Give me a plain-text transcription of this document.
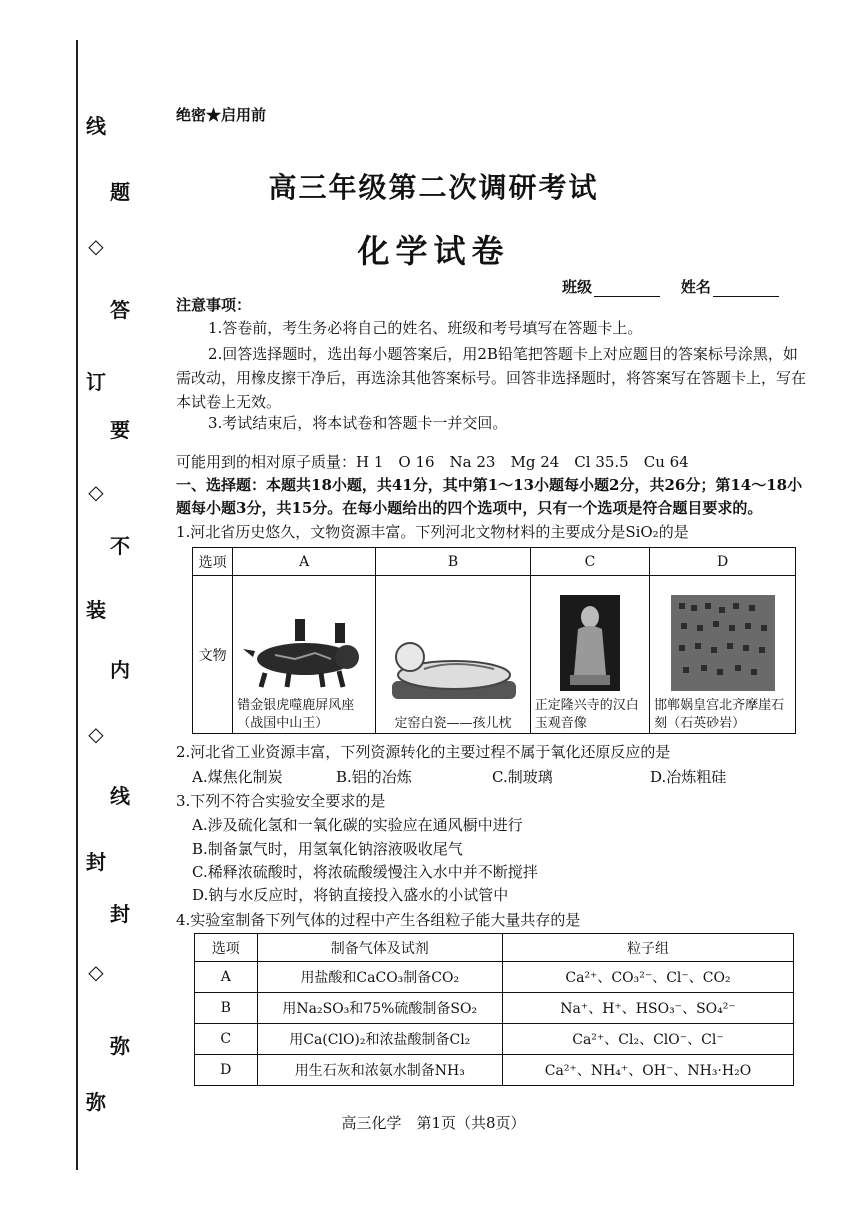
线
题
答
订
要
不
装
内
线
封
封
弥
弥
◇
◇
◇
◇
绝密★启用前
高三年级第二次调研考试
化学试卷
班级	姓名
注意事项：
1.答卷前，考生务必将自己的姓名、班级和考号填写在答题卡上。
2.回答选择题时，选出每小题答案后，用2B铅笔把答题卡上对应题目的答案标号涂黑，如需改动，用橡皮擦干净后，再选涂其他答案标号。回答非选择题时，将答案写在答题卡上，写在本试卷上无效。
3.考试结束后，将本试卷和答题卡一并交回。
可能用到的相对原子质量：H 1　O 16　Na 23　Mg 24　Cl 35.5　Cu 64
一、选择题：本题共18小题，共41分，其中第1～13小题每小题2分，共26分；第14～18小题每小题3分，共15分。在每小题给出的四个选项中，只有一个选项是符合题目要求的。
1.河北省历史悠久，文物资源丰富。下列河北文物材料的主要成分是SiO₂的是
选项	A	B	C	D
文物	错金银虎噬鹿屏风座（战国中山王）	定窑白瓷——孩儿枕	正定隆兴寺的汉白玉观音像	邯郸娲皇宫北齐摩崖石刻（石英砂岩）
2.河北省工业资源丰富，下列资源转化的主要过程不属于氧化还原反应的是
A.煤焦化制炭	B.铝的冶炼	C.制玻璃	D.冶炼粗硅
3.下列不符合实验安全要求的是
A.涉及硫化氢和一氧化碳的实验应在通风橱中进行
B.制备氯气时，用氢氧化钠溶液吸收尾气
C.稀释浓硫酸时，将浓硫酸缓慢注入水中并不断搅拌
D.钠与水反应时，将钠直接投入盛水的小试管中
4.实验室制备下列气体的过程中产生各组粒子能大量共存的是
选项	制备气体及试剂	粒子组
A	用盐酸和CaCO₃制备CO₂	Ca²⁺、CO₃²⁻、Cl⁻、CO₂
B	用Na₂SO₃和75%硫酸制备SO₂	Na⁺、H⁺、HSO₃⁻、SO₄²⁻
C	用Ca(ClO)₂和浓盐酸制备Cl₂	Ca²⁺、Cl₂、ClO⁻、Cl⁻
D	用生石灰和浓氨水制备NH₃	Ca²⁺、NH₄⁺、OH⁻、NH₃·H₂O
高三化学　第1页（共8页）
